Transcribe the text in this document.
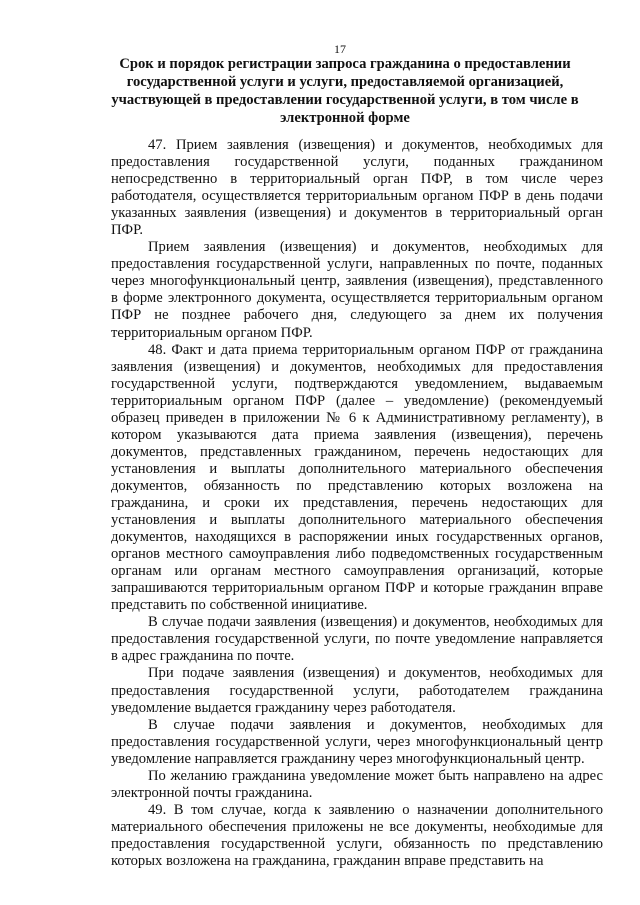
17
Срок и порядок регистрации запроса гражданина о предоставлении государственной услуги и услуги, предоставляемой организацией, участвующей в предоставлении государственной услуги, в том числе в электронной форме

47. Прием заявления (извещения) и документов, необходимых для предоставления государственной услуги, поданных гражданином непосредственно в территориальный орган ПФР, в том числе через работодателя, осуществляется территориальным органом ПФР в день подачи указанных заявления (извещения) и документов в территориальный орган ПФР.

Прием заявления (извещения) и документов, необходимых для предоставления государственной услуги, направленных по почте, поданных через многофункциональный центр, заявления (извещения), представленного в форме электронного документа, осуществляется территориальным органом ПФР не позднее рабочего дня, следующего за днем их получения территориальным органом ПФР.

48. Факт и дата приема территориальным органом ПФР от гражданина заявления (извещения) и документов, необходимых для предоставления государственной услуги, подтверждаются уведомлением, выдаваемым территориальным органом ПФР (далее – уведомление) (рекомендуемый образец приведен в приложении № 6 к Административному регламенту), в котором указываются дата приема заявления (извещения), перечень документов, представленных гражданином, перечень недостающих для установления и выплаты дополнительного материального обеспечения документов, обязанность по представлению которых возложена на гражданина, и сроки их представления, перечень недостающих для установления и выплаты дополнительного материального обеспечения документов, находящихся в распоряжении иных государственных органов, органов местного самоуправления либо подведомственных государственным органам или органам местного самоуправления организаций, которые запрашиваются территориальным органом ПФР и которые гражданин вправе представить по собственной инициативе.

В случае подачи заявления (извещения) и документов, необходимых для предоставления государственной услуги, по почте уведомление направляется в адрес гражданина по почте.

При подаче заявления (извещения) и документов, необходимых для предоставления государственной услуги, работодателем гражданина уведомление выдается гражданину через работодателя.

В случае подачи заявления и документов, необходимых для предоставления государственной услуги, через многофункциональный центр уведомление направляется гражданину через многофункциональный центр.

По желанию гражданина уведомление может быть направлено на адрес электронной почты гражданина.

49. В том случае, когда к заявлению о назначении дополнительного материального обеспечения приложены не все документы, необходимые для предоставления государственной услуги, обязанность по представлению которых возложена на гражданина, гражданин вправе представить на
